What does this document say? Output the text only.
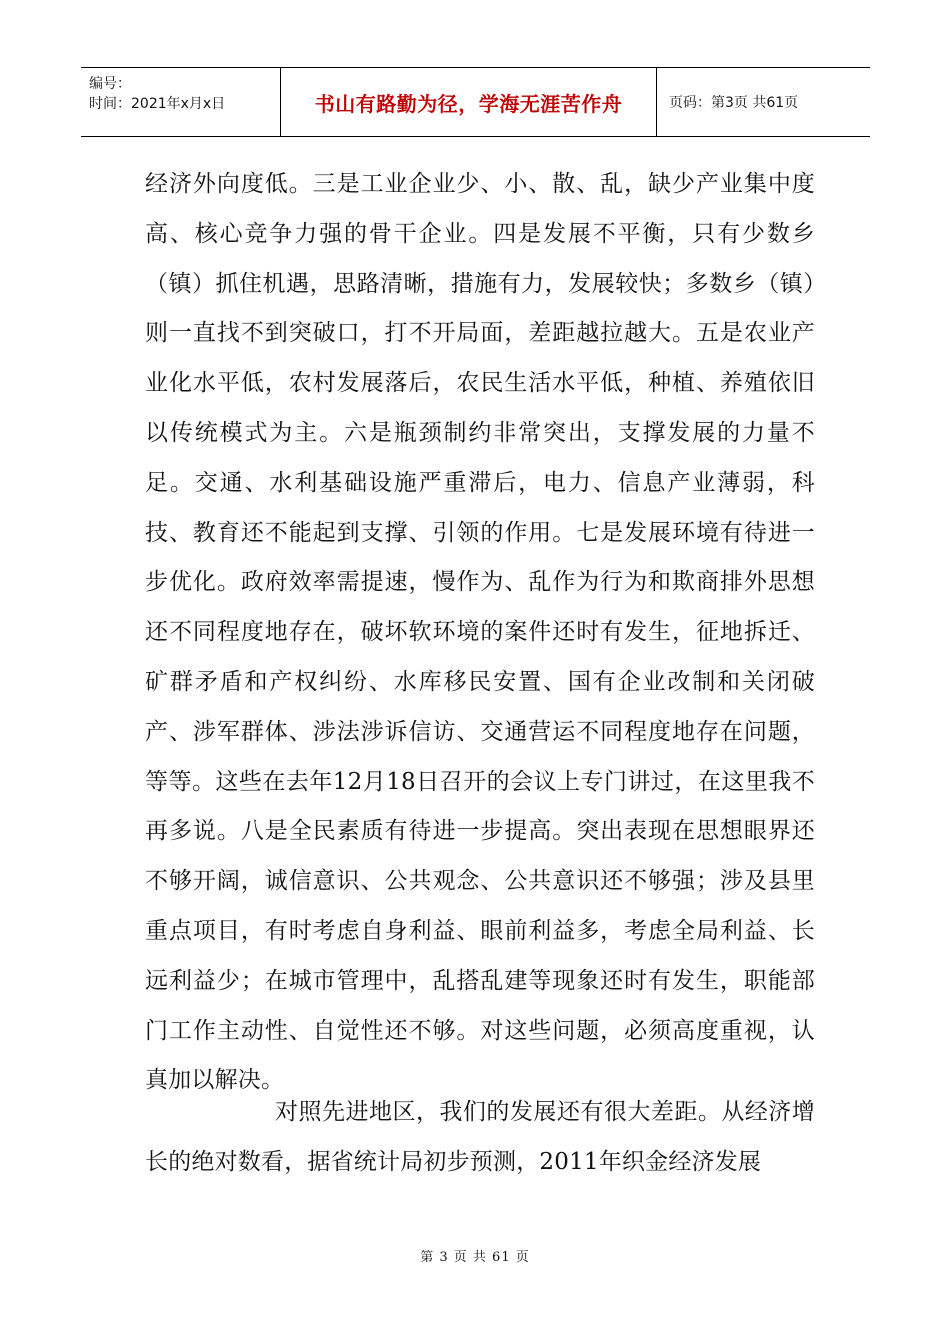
编号：
时间：2021年x月x日	书山有路勤为径，学海无涯苦作舟	页码：第3页 共61页

经济外向度低。三是工业企业少、小、散、乱，缺少产业集中度高、核心竞争力强的骨干企业。四是发展不平衡，只有少数乡（镇）抓住机遇，思路清晰，措施有力，发展较快；多数乡（镇）则一直找不到突破口，打不开局面，差距越拉越大。五是农业产业化水平低，农村发展落后，农民生活水平低，种植、养殖依旧以传统模式为主。六是瓶颈制约非常突出，支撑发展的力量不足。交通、水利基础设施严重滞后，电力、信息产业薄弱，科技、教育还不能起到支撑、引领的作用。七是发展环境有待进一步优化。政府效率需提速，慢作为、乱作为行为和欺商排外思想还不同程度地存在，破坏软环境的案件还时有发生，征地拆迁、矿群矛盾和产权纠纷、水库移民安置、国有企业改制和关闭破产、涉军群体、涉法涉诉信访、交通营运不同程度地存在问题，等等。这些在去年12月18日召开的会议上专门讲过，在这里我不再多说。八是全民素质有待进一步提高。突出表现在思想眼界还不够开阔，诚信意识、公共观念、公共意识还不够强；涉及县里重点项目，有时考虑自身利益、眼前利益多，考虑全局利益、长远利益少；在城市管理中，乱搭乱建等现象还时有发生，职能部门工作主动性、自觉性还不够。对这些问题，必须高度重视，认真加以解决。

对照先进地区，我们的发展还有很大差距。从经济增长的绝对数看，据省统计局初步预测，2011年织金经济发展

第 3 页 共 61 页
